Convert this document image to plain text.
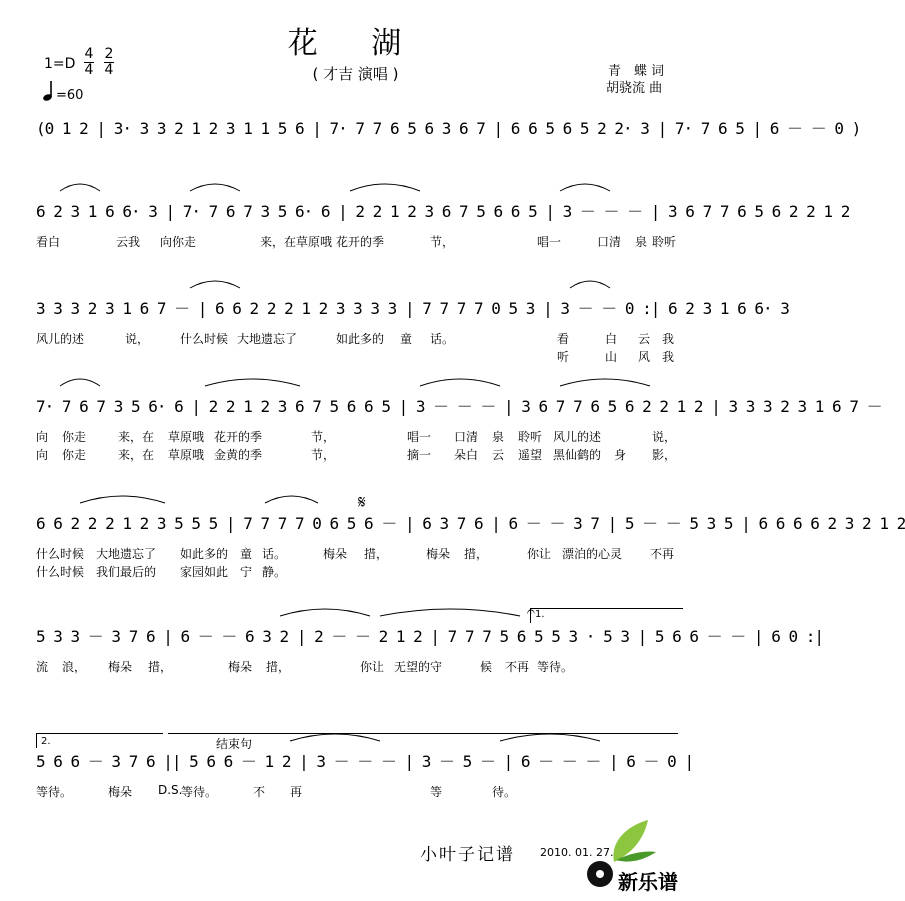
花 湖
( 才吉 演唱 )
1=D
4
4
2
4
=60
青　蝶 词
胡骁流 曲
(0 1 2 | 3· 3 3 2 1 2 3 1 1 5 6 | 7· 7 7 6 5 6 3 6 7 | 6 6 5 6 5 2 2· 3 | 7· 7 6 5 | 6 － － 0 )
6 2 3 1 6 6· 3 | 7· 7 6 7 3 5 6· 6 | 2 2 1 2 3 6 7 5 6 6 5 | 3 － － － | 3 6 7 7 6 5 6 2 2 1 2
看白	云我 向你走	来，在 草原哦 花开的季	节，	唱一	口清 泉 聆听
3 3 3 2 3 1 6 7 － | 6 6 2 2 2 1 2 3 3 3 3 | 7 7 7 7 0 5 3 | 3 － － 0 :| 6 2 3 1 6 6· 3
风儿的述	说，	什么时候 大地遗忘了	如此多的 童 话。	看	白 云 我
听	山 风 我
7· 7 6 7 3 5 6· 6 | 2 2 1 2 3 6 7 5 6 6 5 | 3 － － － | 3 6 7 7 6 5 6 2 2 1 2 | 3 3 3 2 3 1 6 7 －
向 你走	来，在 草原哦 花开的季	节，	唱一 口清 泉 聆听 风儿的述	说，
向 你走	来，在 草原哦 金黄的季	节，	摘一 朵白 云 遥望 黑仙鹤的 身 影，
6 6 2 2 2 1 2 3 5 5 5 | 7 7 7 7 0 6 5 6 － | 6 3 7 6 | 6 － － 3 7 | 5 － － 5 3 5 | 6 6 6 6 2 3 2 1 2
什么时候 大地遗忘了 如此多的 童 话。	梅朵 措，	梅朵 措，	你让 漂泊的心灵 不再
什么时候 我们最后的 家园如此 宁 静。
5 3 3 － 3 7 6 | 6 － － 6 3 2 | 2 － － 2 1 2 | 7 7 7 5 6 5 5 3 · 5 3 | 5 6 6 － － | 6 0 :|
流 浪， 梅朵 措，	梅朵 措，	你让 无望的守	候 不再 等待。
5 6 6 － 3 7 6 || 5 6 6 － 1 2 | 3 － － － | 3 － 5 － | 6 － － － | 6 － 0 |
等待。	梅朵 D.S.
等待。	不 再	等	待。
1.
2.	结束句
𝄋
𝄐
小叶子记谱 2010. 01. 27.
新乐谱
